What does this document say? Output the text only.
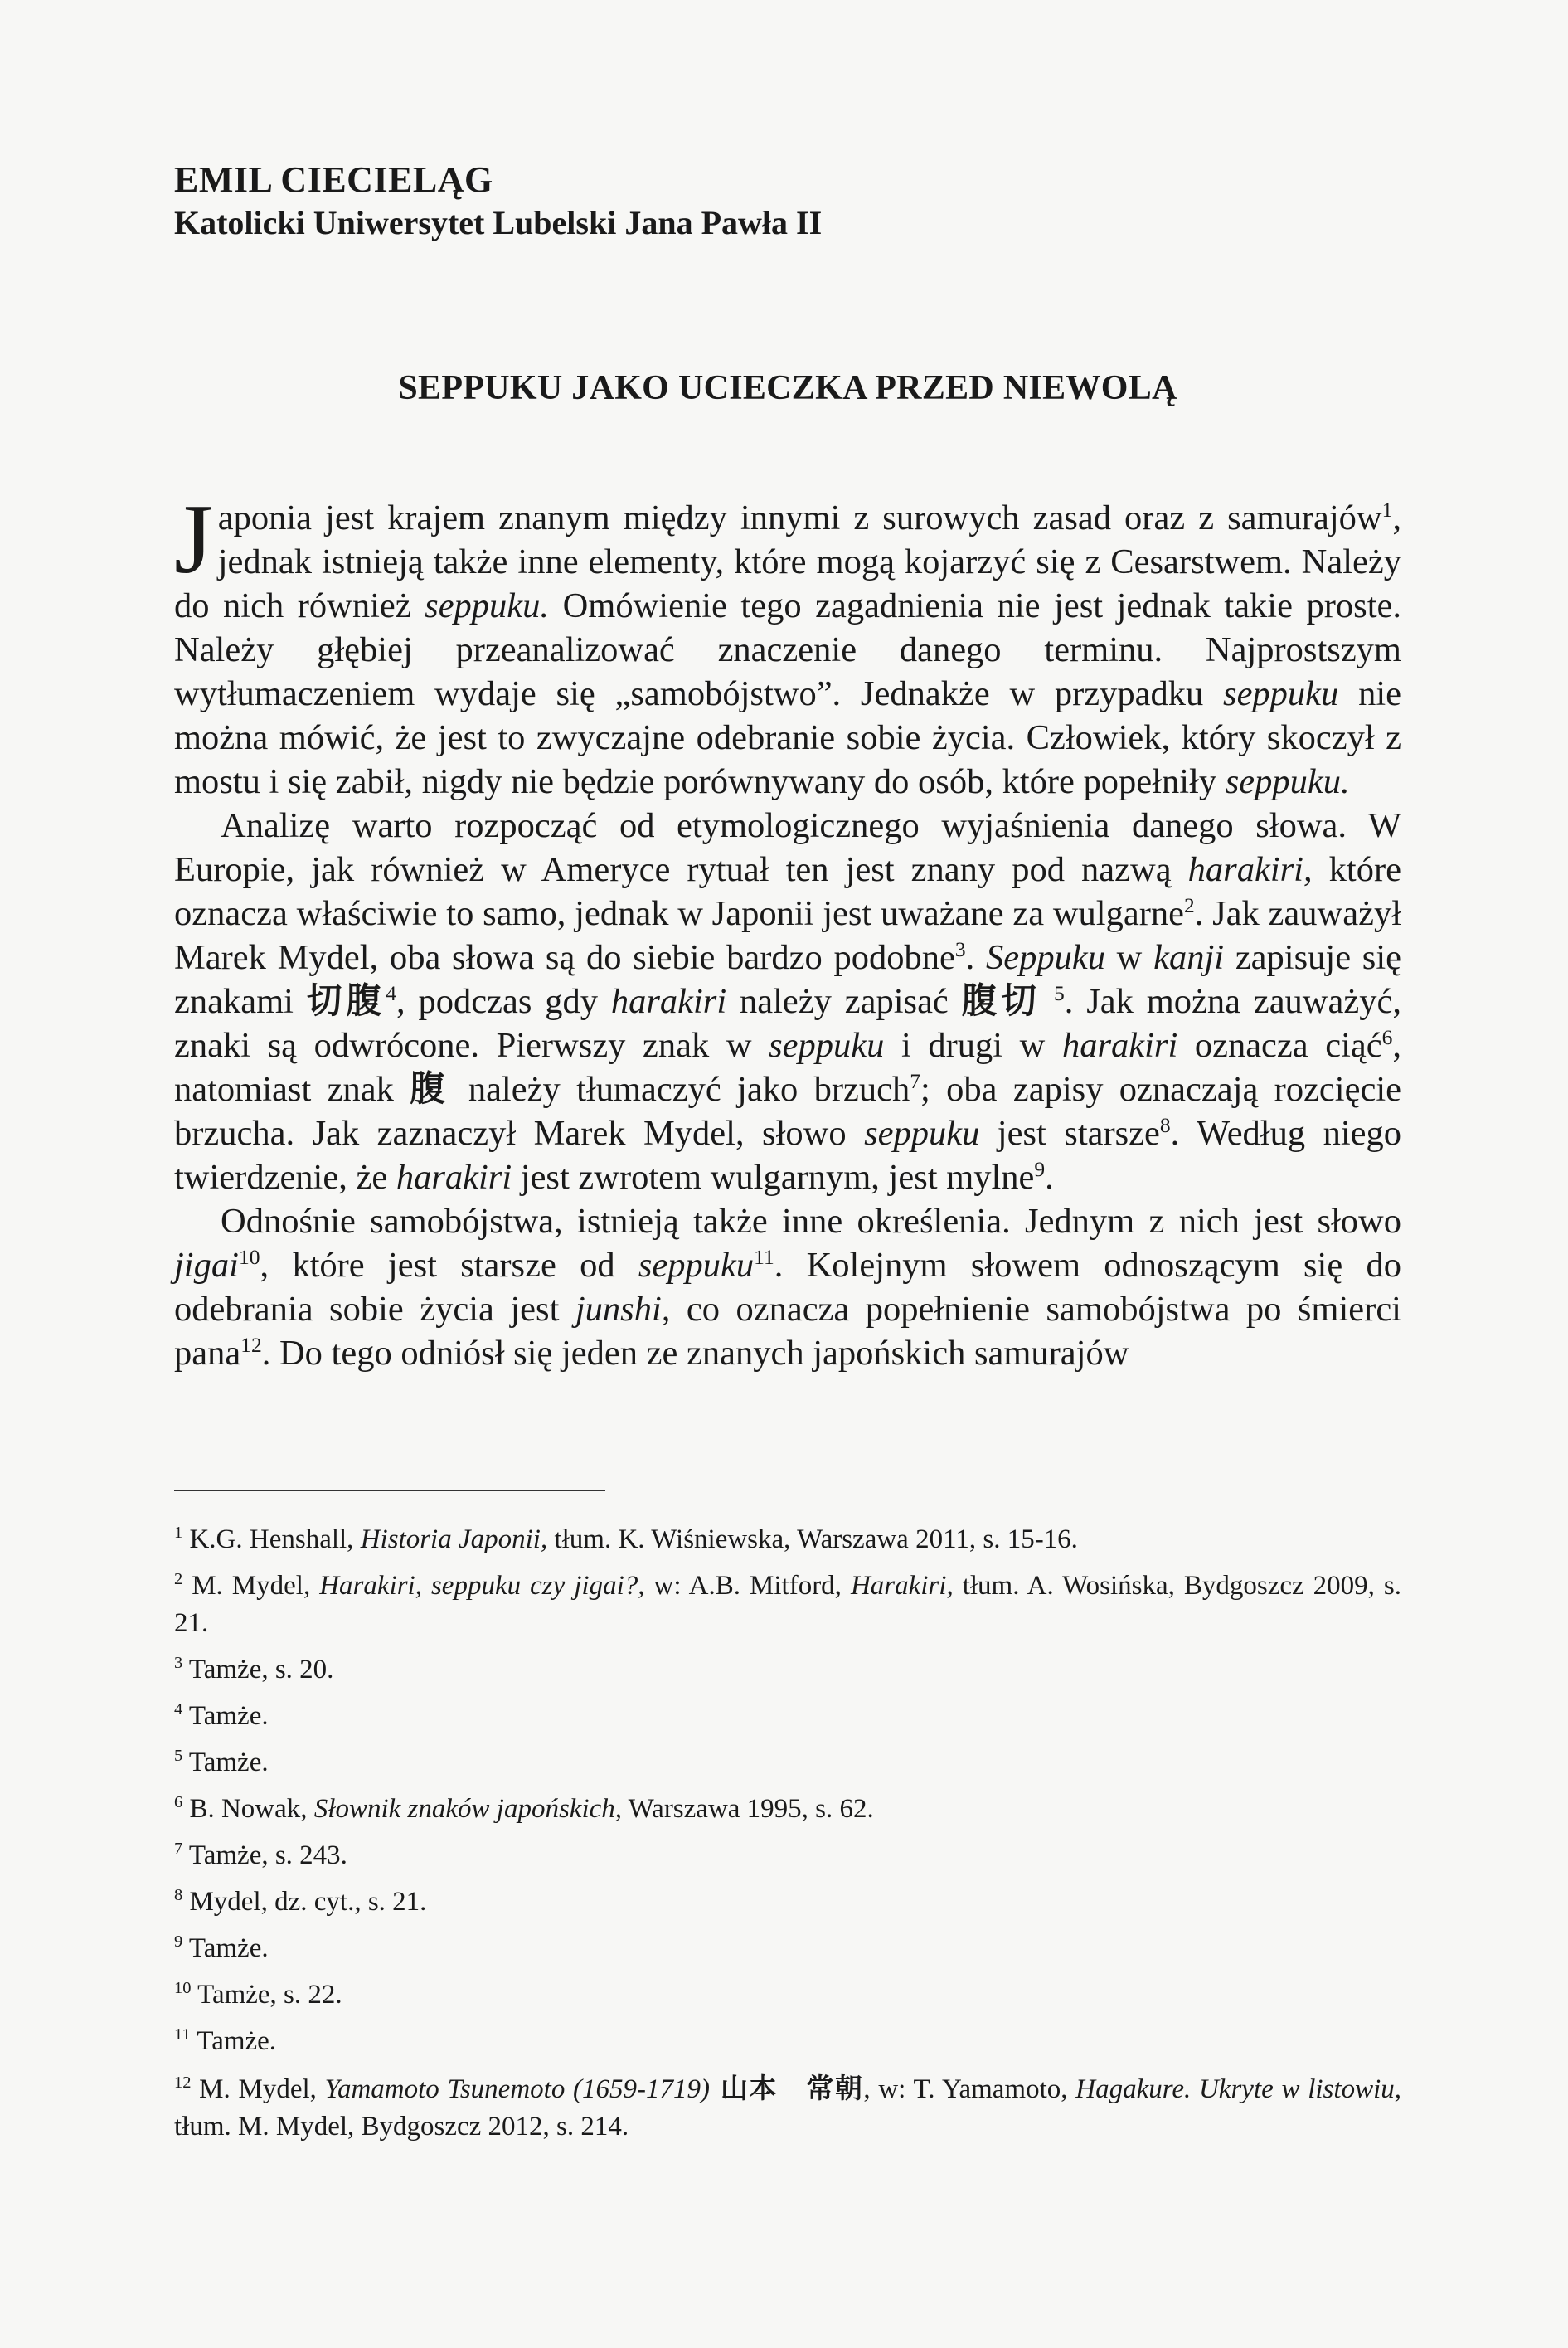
EMIL CIECIELĄG

Katolicki Uniwersytet Lubelski Jana Pawła II

SEPPUKU JAKO UCIECZKA PRZED NIEWOLĄ

Japonia jest krajem znanym między innymi z surowych zasad oraz z samurajów$^1$, jednak istnieją także inne elementy, które mogą kojarzyć się z Cesarstwem. Należy do nich również seppuku. Omówienie tego zagadnienia nie jest jednak takie proste. Należy głębiej przeanalizować znaczenie danego terminu. Najprostszym wytłumaczeniem wydaje się „samobójstwo”. Jednakże w przypadku seppuku nie można mówić, że jest to zwyczajne odebranie sobie życia. Człowiek, który skoczył z mostu i się zabił, nigdy nie będzie porównywany do osób, które popełniły seppuku.

Analizę warto rozpocząć od etymologicznego wyjaśnienia danego słowa. W Europie, jak również w Ameryce rytuał ten jest znany pod nazwą harakiri, które oznacza właściwie to samo, jednak w Japonii jest uważane za wulgarne$^2$. Jak zauważył Marek Mydel, oba słowa są do siebie bardzo podobne$^3$. Seppuku w kanji zapisuje się znakami 切腹$^4$, podczas gdy harakiri należy zapisać 腹切 $^5$. Jak można zauważyć, znaki są odwrócone. Pierwszy znak w seppuku i drugi w harakiri oznacza ciąć$^6$, natomiast znak 腹 należy tłumaczyć jako brzuch$^7$; oba zapisy oznaczają rozcięcie brzucha. Jak zaznaczył Marek Mydel, słowo seppuku jest starsze$^8$. Według niego twierdzenie, że harakiri jest zwrotem wulgarnym, jest mylne$^9$.

Odnośnie samobójstwa, istnieją także inne określenia. Jednym z nich jest słowo jigai$^{10}$, które jest starsze od seppuku$^{11}$. Kolejnym słowem odnoszącym się do odebrania sobie życia jest junshi, co oznacza popełnienie samobójstwa po śmierci pana$^{12}$. Do tego odniósł się jeden ze znanych japońskich samurajów

$^1$ K.G. Henshall, Historia Japonii, tłum. K. Wiśniewska, Warszawa 2011, s. 15-16.

$^2$ M. Mydel, Harakiri, seppuku czy jigai?, w: A.B. Mitford, Harakiri, tłum. A. Wosińska, Bydgoszcz 2009, s. 21.

$^3$ Tamże, s. 20.

$^4$ Tamże.

$^5$ Tamże.

$^6$ B. Nowak, Słownik znaków japońskich, Warszawa 1995, s. 62.

$^7$ Tamże, s. 243.

$^8$ Mydel, dz. cyt., s. 21.

$^9$ Tamże.

$^{10}$ Tamże, s. 22.

$^{11}$ Tamże.

$^{12}$ M. Mydel, Yamamoto Tsunemoto (1659-1719) 山本　常朝, w: T. Yamamoto, Hagakure. Ukryte w listowiu, tłum. M. Mydel, Bydgoszcz 2012, s. 214.
